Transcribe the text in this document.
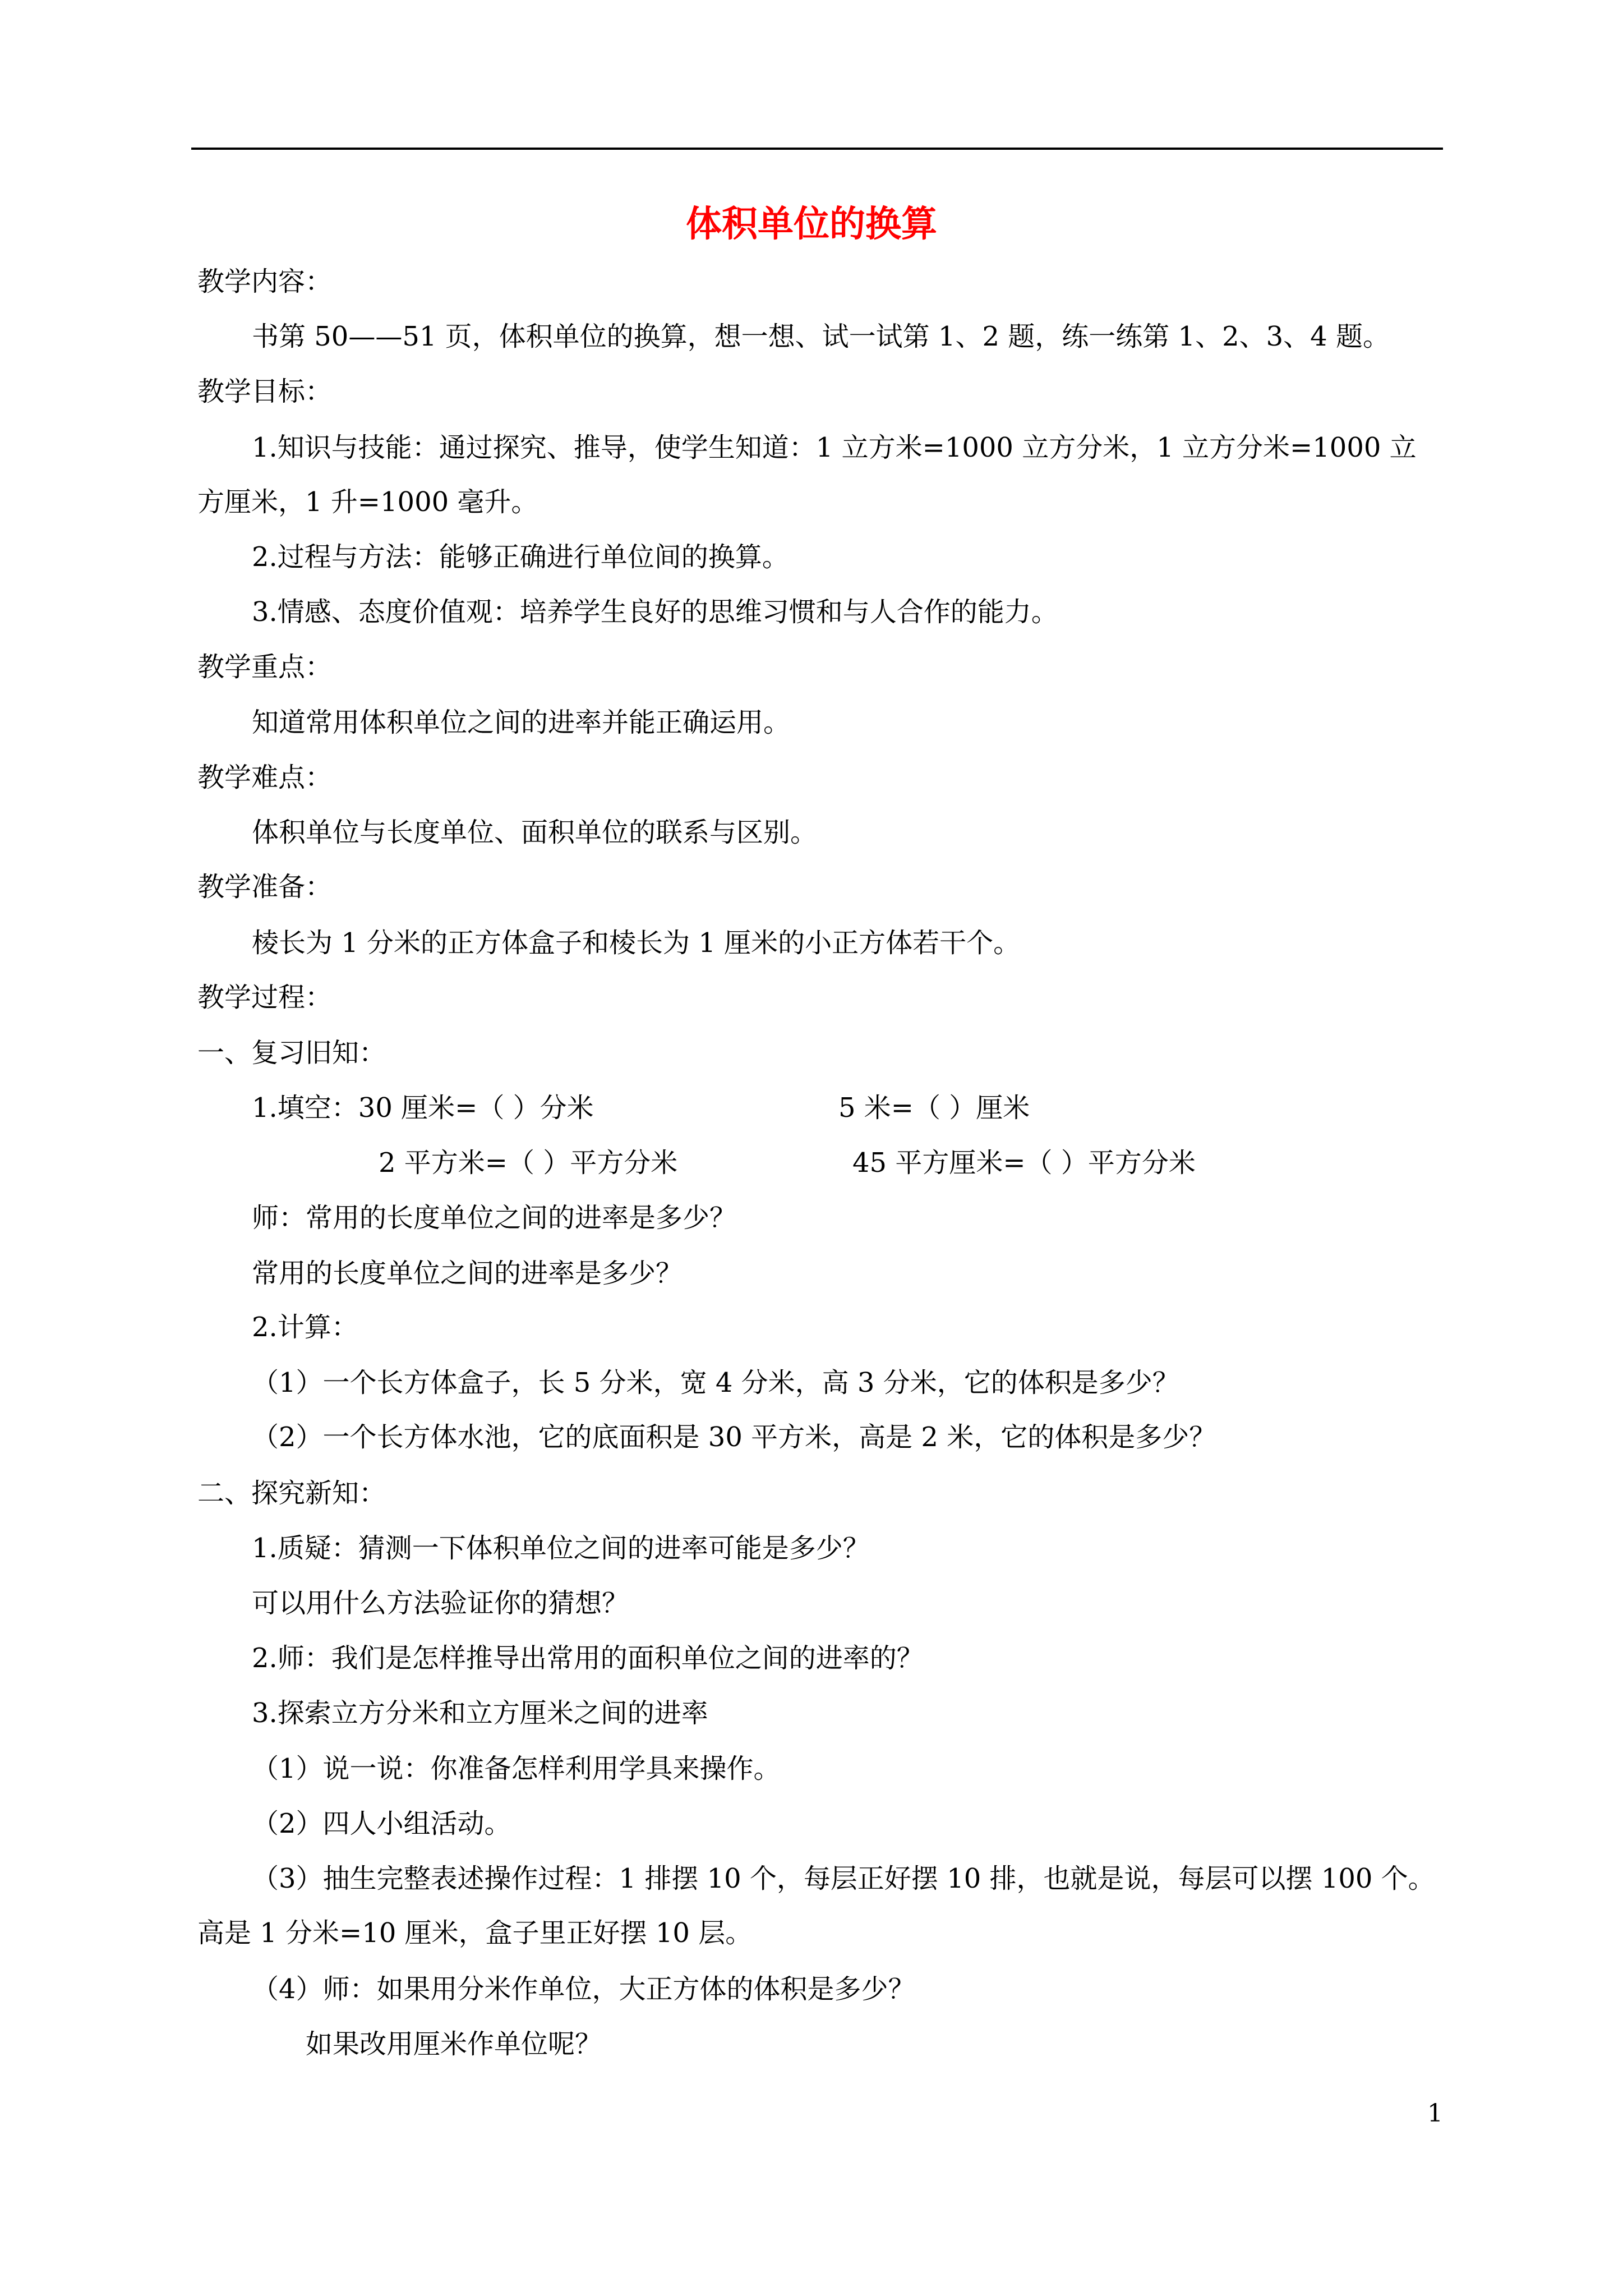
体积单位的换算
教学内容：
书第 50——51 页，体积单位的换算，想一想、试一试第 1、2 题，练一练第 1、2、3、4 题。
教学目标：
1.知识与技能：通过探究、推导，使学生知道：1 立方米=1000 立方分米，1 立方分米=1000 立
方厘米，1 升=1000 毫升。
2.过程与方法：能够正确进行单位间的换算。
3.情感、态度价值观：培养学生良好的思维习惯和与人合作的能力。
教学重点：
知道常用体积单位之间的进率并能正确运用。
教学难点：
体积单位与长度单位、面积单位的联系与区别。
教学准备：
棱长为 1 分米的正方体盒子和棱长为 1 厘米的小正方体若干个。
教学过程：
一、复习旧知：
1.填空：30 厘米=（ ）分米	5 米=（ ）厘米
2 平方米=（ ）平方分米	45 平方厘米=（ ）平方分米
师：常用的长度单位之间的进率是多少？
常用的长度单位之间的进率是多少？
2.计算：
（1）一个长方体盒子，长 5 分米，宽 4 分米，高 3 分米，它的体积是多少？
（2）一个长方体水池，它的底面积是 30 平方米，高是 2 米，它的体积是多少？
二、探究新知：
1.质疑：猜测一下体积单位之间的进率可能是多少？
可以用什么方法验证你的猜想？
2.师：我们是怎样推导出常用的面积单位之间的进率的？
3.探索立方分米和立方厘米之间的进率
（1）说一说：你准备怎样利用学具来操作。
（2）四人小组活动。
（3）抽生完整表述操作过程：1 排摆 10 个，每层正好摆 10 排，也就是说，每层可以摆 100 个。
高是 1 分米=10 厘米，盒子里正好摆 10 层。
（4）师：如果用分米作单位，大正方体的体积是多少？
如果改用厘米作单位呢？
1
